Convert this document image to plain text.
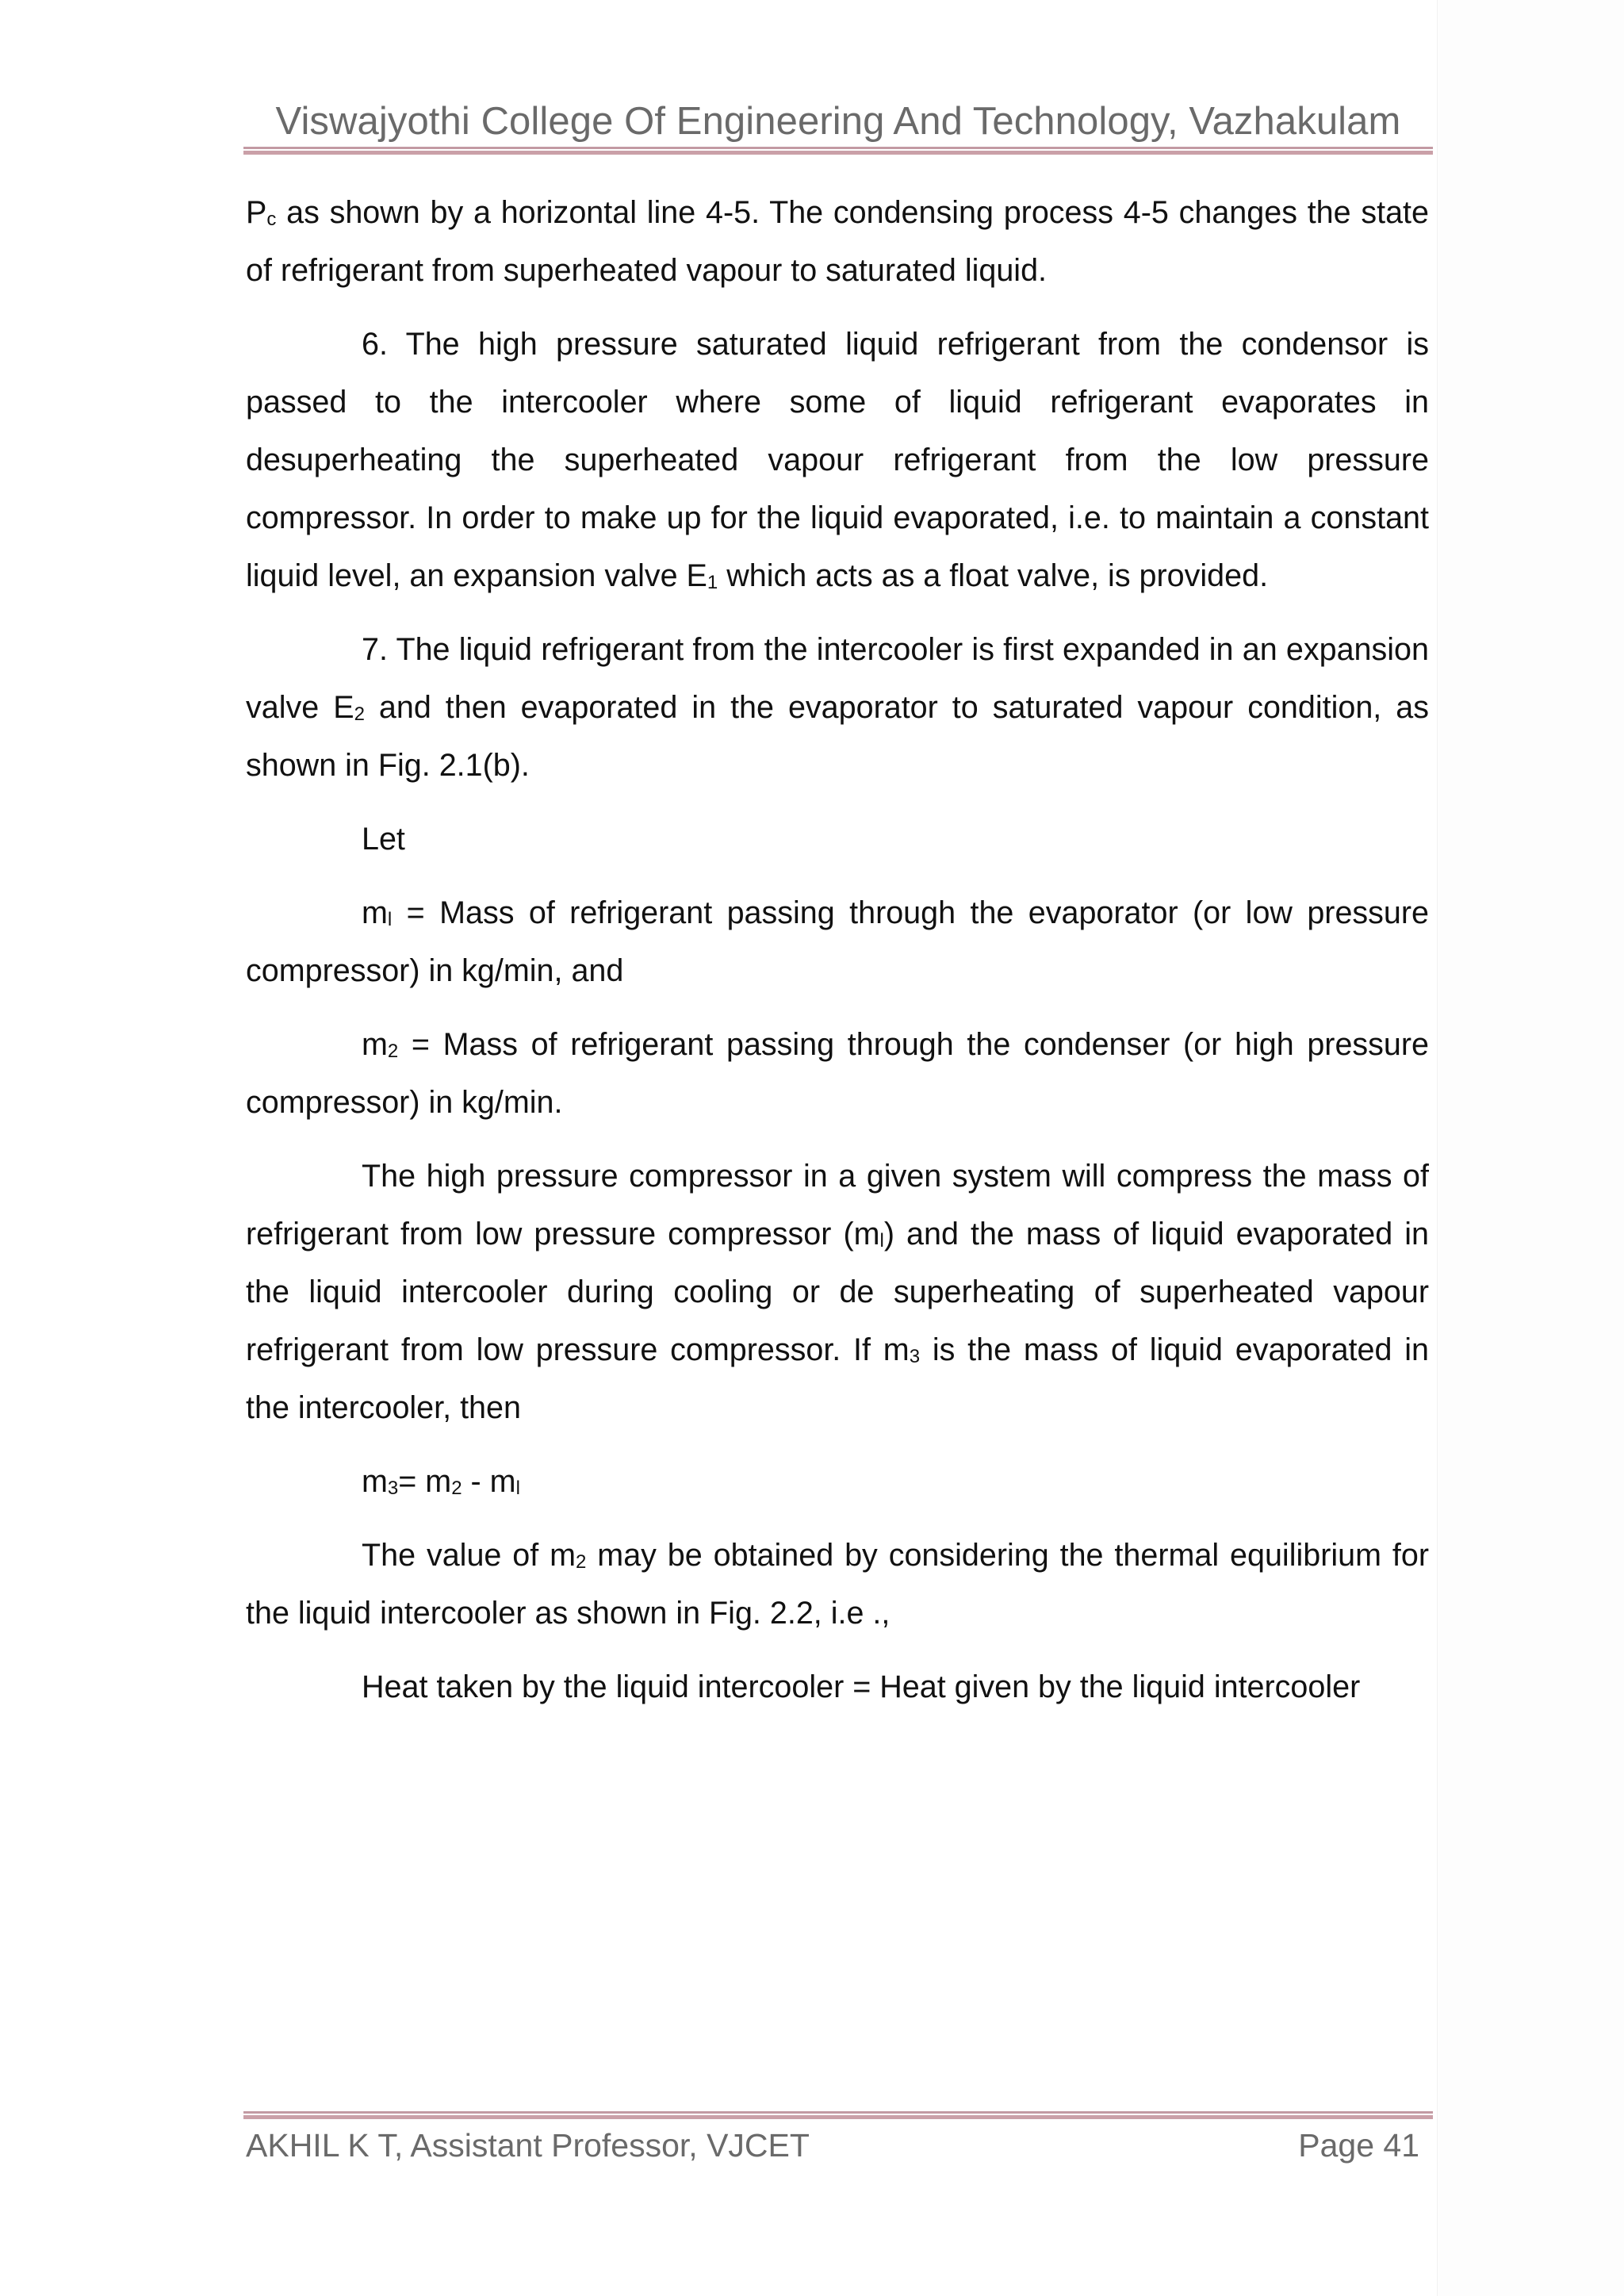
Viswajyothi College Of Engineering And Technology, Vazhakulam

$P_c$ as shown by a horizontal line 4-5. The condensing process 4-5 changes the state of refrigerant from superheated vapour to saturated liquid.

6. The high pressure saturated liquid refrigerant from the condensor is passed to the intercooler where some of liquid refrigerant evaporates in desuperheating the superheated vapour refrigerant from the low pressure compressor. In order to make up for the liquid evaporated, i.e. to maintain a constant liquid level, an expansion valve $E_1$ which acts as a float valve, is provided.

7. The liquid refrigerant from the intercooler is first expanded in an expansion valve $E_2$ and then evaporated in the evaporator to saturated vapour condition, as shown in Fig. 2.1(b).

Let

$m_l$ = Mass of refrigerant passing through the evaporator (or low pressure compressor) in kg/min, and

$m_2$ = Mass of refrigerant passing through the condenser (or high pressure compressor) in kg/min.

The high pressure compressor in a given system will compress the mass of refrigerant from low pressure compressor $(m_l)$ and the mass of liquid evaporated in the liquid intercooler during cooling or de superheating of superheated vapour refrigerant from low pressure compressor. If $m_3$ is the mass of liquid evaporated in the intercooler, then

$m_3= m_2 - m_l$

The value of $m_2$ may be obtained by considering the thermal equilibrium for the liquid intercooler as shown in Fig. 2.2, i.e .,

Heat taken by the liquid intercooler = Heat given by the liquid intercooler

AKHIL K T, Assistant Professor, VJCET	Page 41
